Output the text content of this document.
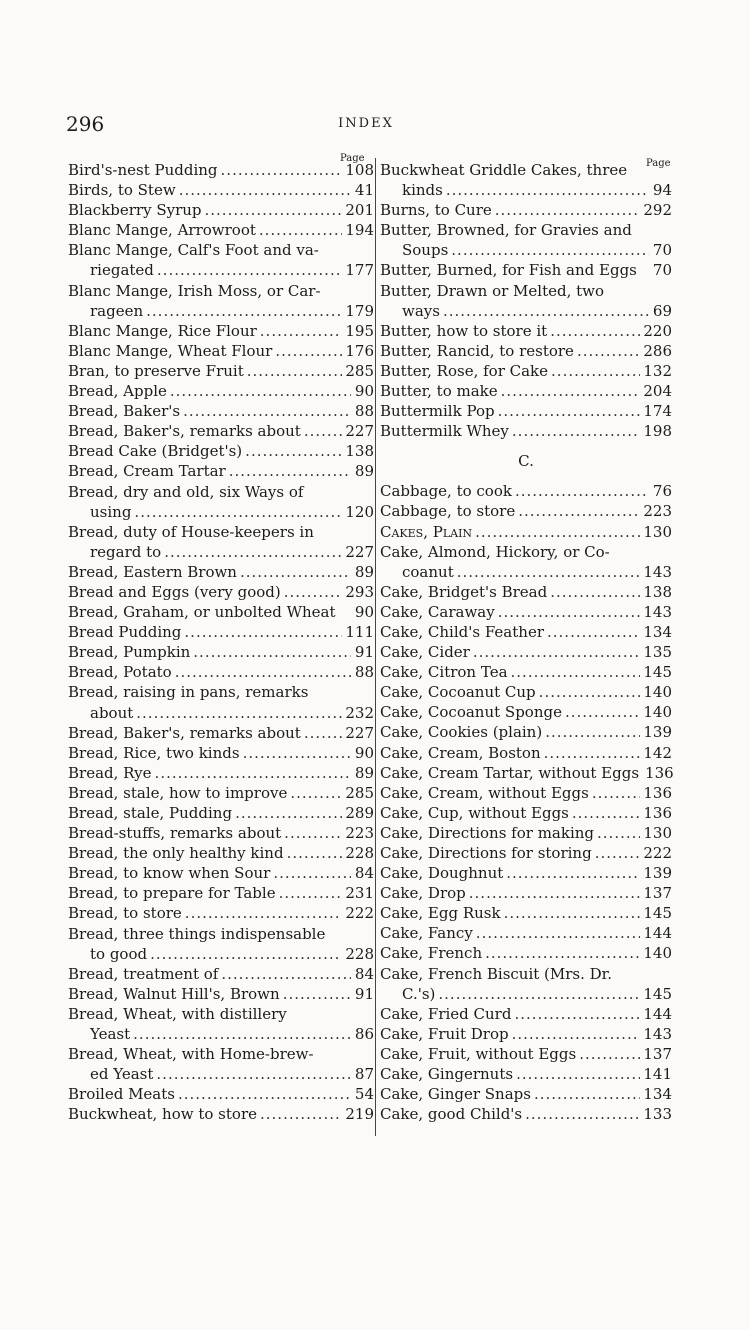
296	INDEX
Page	Page
Bird's-nest Pudding .....	108
Birds, to Stew .....	41
Blackberry Syrup .....	201
Blanc Mange, Arrowroot .....	194
Blanc Mange, Calf's Foot and va-
riegated .....	177
Blanc Mange, Irish Moss, or Car-
rageen .....	179
Blanc Mange, Rice Flour .....	195
Blanc Mange, Wheat Flour .....	176
Bran, to preserve Fruit .....	285
Bread, Apple .....	90
Bread, Baker's .....	88
Bread, Baker's, remarks about .....	227
Bread Cake (Bridget's) .....	138
Bread, Cream Tartar .....	89
Bread, dry and old, six Ways of
using .....	120
Bread, duty of House-keepers in
regard to .....	227
Bread, Eastern Brown .....	89
Bread and Eggs (very good) .....	293
Bread, Graham, or unbolted Wheat 90
Bread Pudding .....	111
Bread, Pumpkin .....	91
Bread, Potato .....	88
Bread, raising in pans, remarks
about .....	232
Bread, Baker's, remarks about .....	227
Bread, Rice, two kinds .....	90
Bread, Rye .....	89
Bread, stale, how to improve .....	285
Bread, stale, Pudding .....	289
Bread-stuffs, remarks about .....	223
Bread, the only healthy kind .....	228
Bread, to know when Sour .....	84
Bread, to prepare for Table .....	231
Bread, to store .....	222
Bread, three things indispensable
to good .....	228
Bread, treatment of .....	84
Bread, Walnut Hill's, Brown .....	91
Bread, Wheat, with distillery
Yeast .....	86
Bread, Wheat, with Home-brew-
ed Yeast .....	87
Broiled Meats .....	54
Buckwheat, how to store .....	219
Buckwheat Griddle Cakes, three
kinds .....	94
Burns, to Cure .....	292
Butter, Browned, for Gravies and
Soups .....	70
Butter, Burned, for Fish and Eggs 70
Butter, Drawn or Melted, two
ways .....	69
Butter, how to store it .....	220
Butter, Rancid, to restore .....	286
Butter, Rose, for Cake .....	132
Butter, to make .....	204
Buttermilk Pop .....	174
Buttermilk Whey .....	198
C.
Cabbage, to cook .....	76
Cabbage, to store .....	223
Cakes, Plain .....	130
Cake, Almond, Hickory, or Co-
coanut .....	143
Cake, Bridget's Bread .....	138
Cake, Caraway .....	143
Cake, Child's Feather .....	134
Cake, Cider .....	135
Cake, Citron Tea .....	145
Cake, Cocoanut Cup .....	140
Cake, Cocoanut Sponge .....	140
Cake, Cookies (plain) .....	139
Cake, Cream, Boston .....	142
Cake, Cream Tartar, without Eggs 136
Cake, Cream, without Eggs .....	136
Cake, Cup, without Eggs .....	136
Cake, Directions for making .....	130
Cake, Directions for storing .....	222
Cake, Doughnut .....	139
Cake, Drop .....	137
Cake, Egg Rusk .....	145
Cake, Fancy .....	144
Cake, French .....	140
Cake, French Biscuit (Mrs. Dr.
C.'s) .....	145
Cake, Fried Curd .....	144
Cake, Fruit Drop .....	143
Cake, Fruit, without Eggs .....	137
Cake, Gingernuts .....	141
Cake, Ginger Snaps .....	134
Cake, good Child's .....	133
